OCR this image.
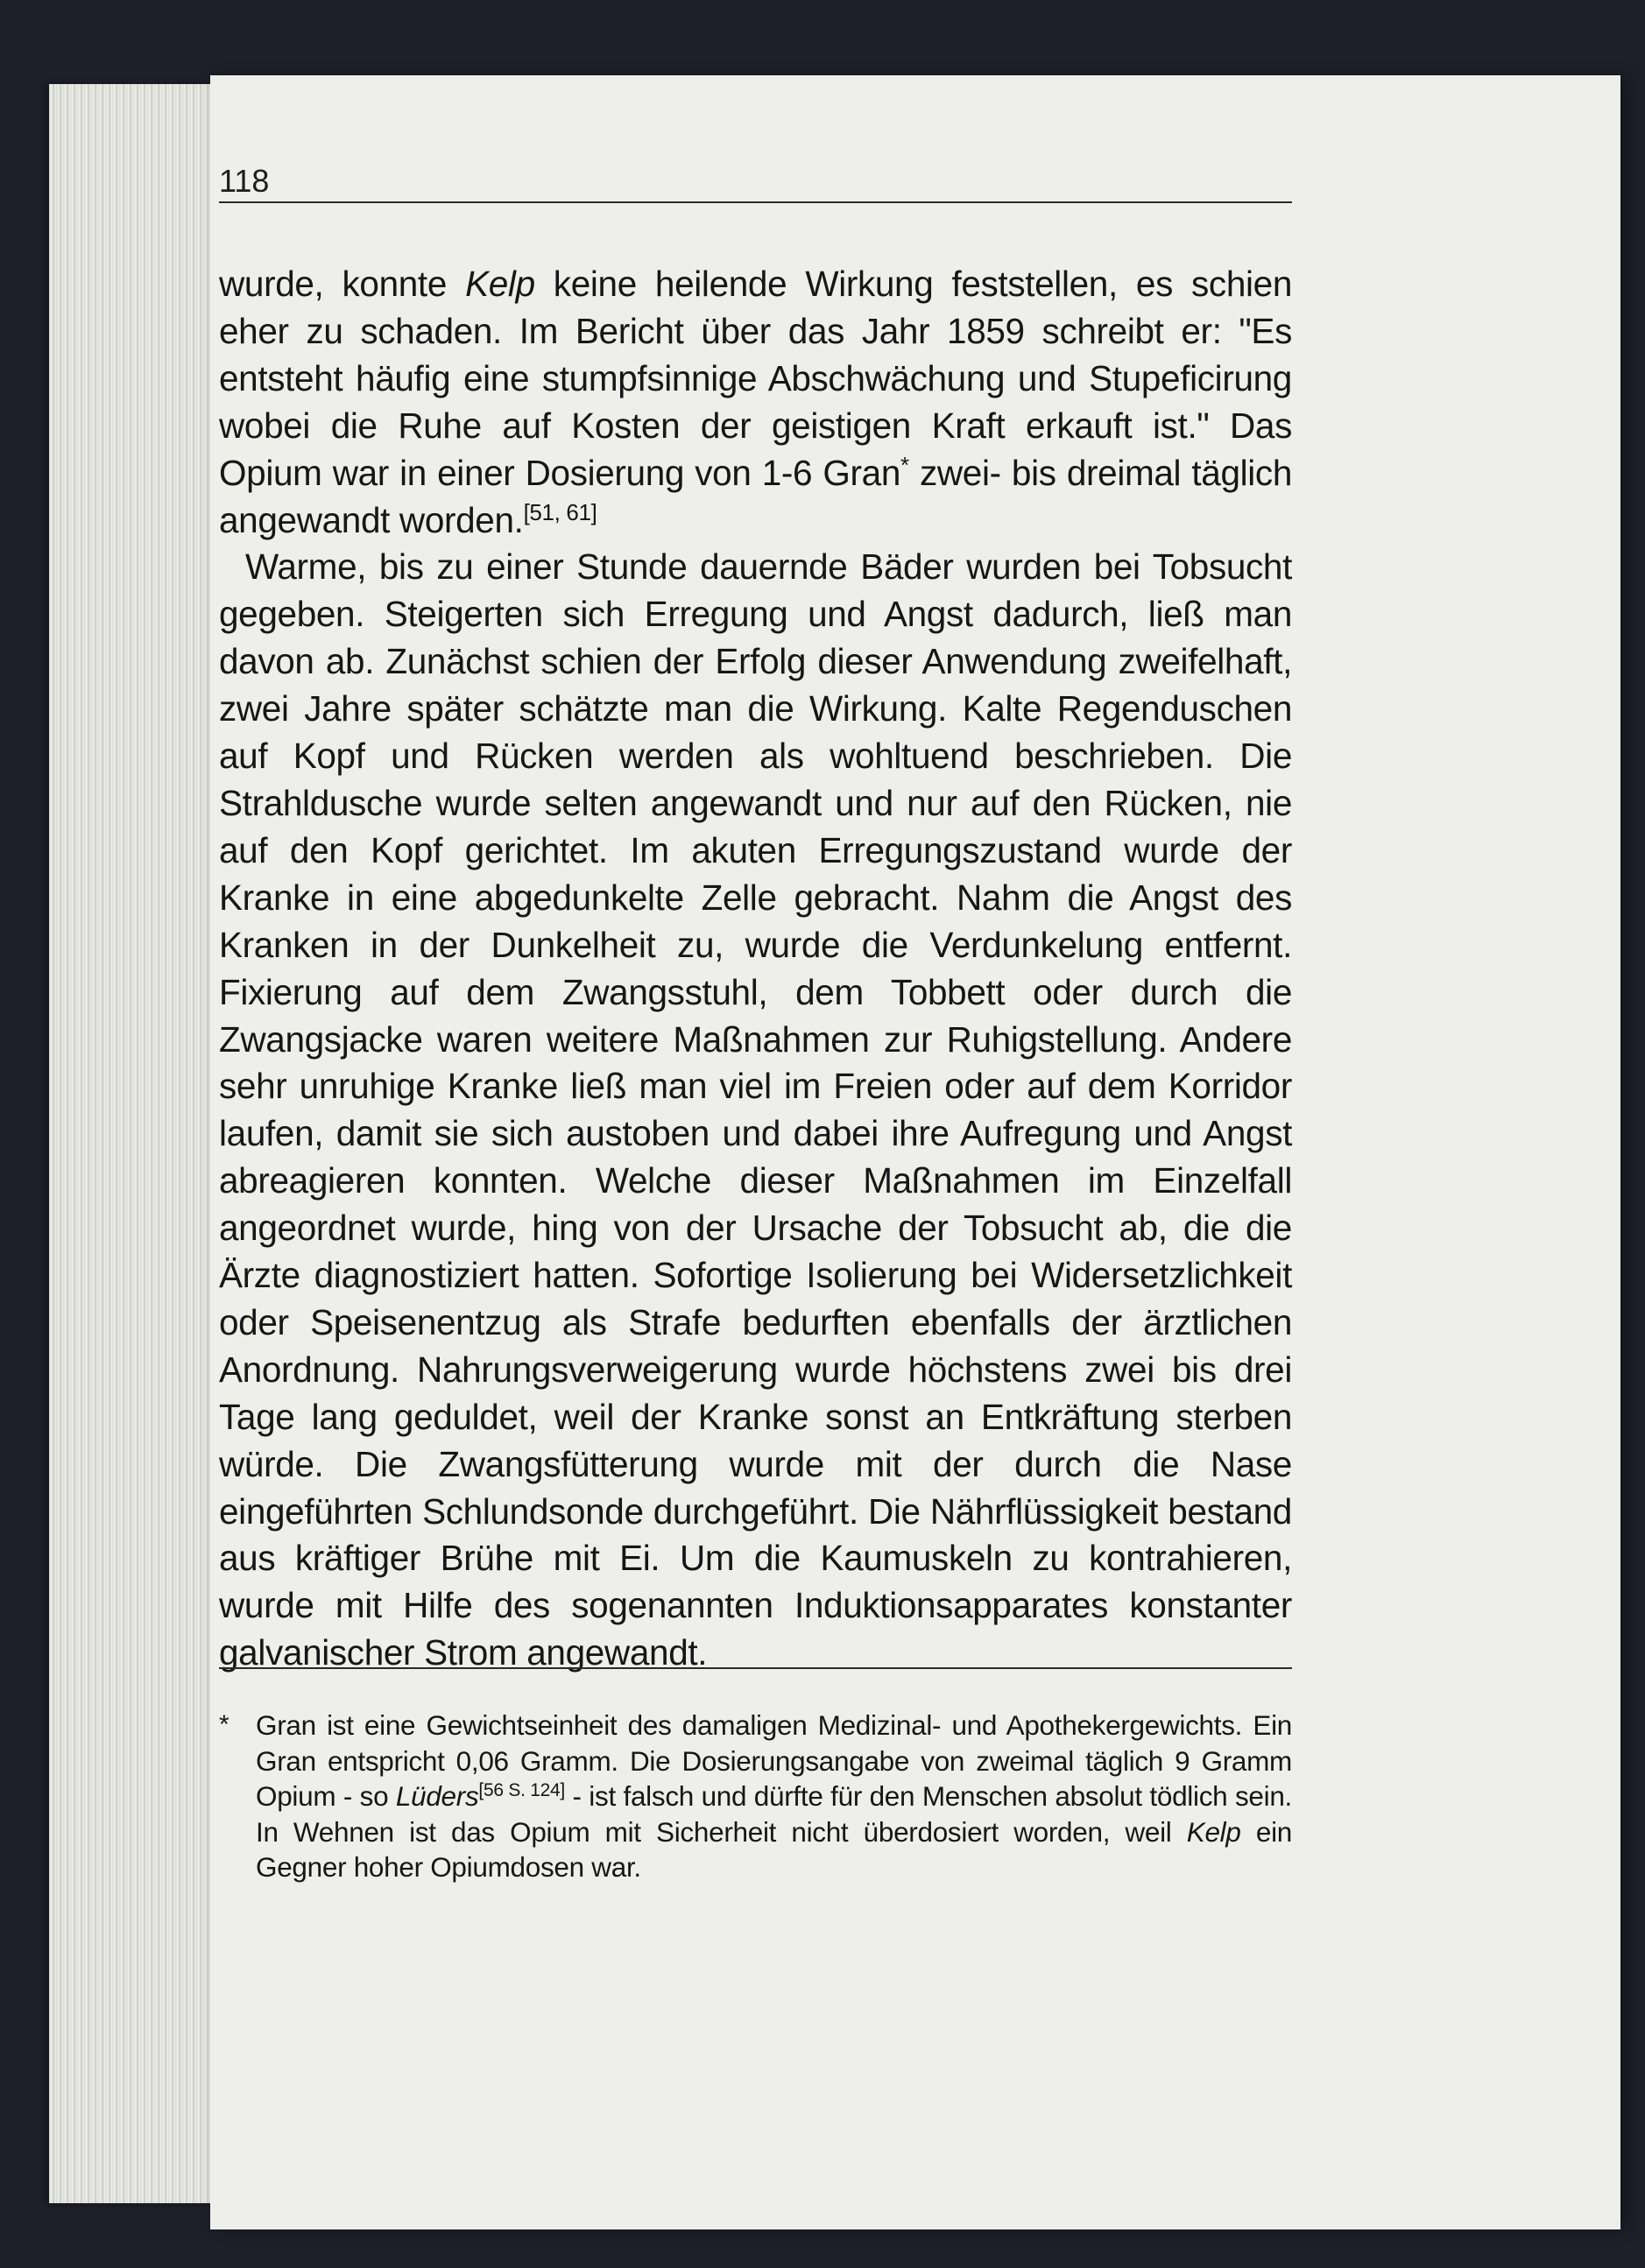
118

wurde, konnte Kelp keine heilende Wirkung feststellen, es schien eher zu schaden. Im Bericht über das Jahr 1859 schreibt er: "Es entsteht häufig eine stumpfsinnige Abschwächung und Stupeficirung wobei die Ruhe auf Kosten der geistigen Kraft erkauft ist." Das Opium war in einer Dosierung von 1-6 Gran* zwei- bis dreimal täglich angewandt worden.[51, 61]

Warme, bis zu einer Stunde dauernde Bäder wurden bei Tobsucht gegeben. Steigerten sich Erregung und Angst dadurch, ließ man davon ab. Zunächst schien der Erfolg dieser Anwendung zweifelhaft, zwei Jahre später schätzte man die Wirkung. Kalte Regenduschen auf Kopf und Rücken werden als wohltuend beschrieben. Die Strahldusche wurde selten angewandt und nur auf den Rücken, nie auf den Kopf gerichtet. Im akuten Erregungszustand wurde der Kranke in eine abgedunkelte Zelle gebracht. Nahm die Angst des Kranken in der Dunkelheit zu, wurde die Verdunkelung entfernt. Fixierung auf dem Zwangsstuhl, dem Tobbett oder durch die Zwangsjacke waren weitere Maßnahmen zur Ruhigstellung. Andere sehr unruhige Kranke ließ man viel im Freien oder auf dem Korridor laufen, damit sie sich austoben und dabei ihre Aufregung und Angst abreagieren konnten. Welche dieser Maßnahmen im Einzelfall angeordnet wurde, hing von der Ursache der Tobsucht ab, die die Ärzte diagnostiziert hatten. Sofortige Isolierung bei Widersetzlichkeit oder Speisenentzug als Strafe bedurften ebenfalls der ärztlichen Anordnung. Nahrungsverweigerung wurde höchstens zwei bis drei Tage lang geduldet, weil der Kranke sonst an Entkräftung sterben würde. Die Zwangsfütterung wurde mit der durch die Nase eingeführten Schlundsonde durchgeführt. Die Nährflüssigkeit bestand aus kräftiger Brühe mit Ei. Um die Kaumuskeln zu kontrahieren, wurde mit Hilfe des sogenannten Induktionsapparates konstanter galvanischer Strom angewandt.

* Gran ist eine Gewichtseinheit des damaligen Medizinal- und Apothekergewichts. Ein Gran entspricht 0,06 Gramm. Die Dosierungsangabe von zweimal täglich 9 Gramm Opium - so Lüders[56 S. 124] - ist falsch und dürfte für den Menschen absolut tödlich sein. In Wehnen ist das Opium mit Sicherheit nicht überdosiert worden, weil Kelp ein Gegner hoher Opiumdosen war.
